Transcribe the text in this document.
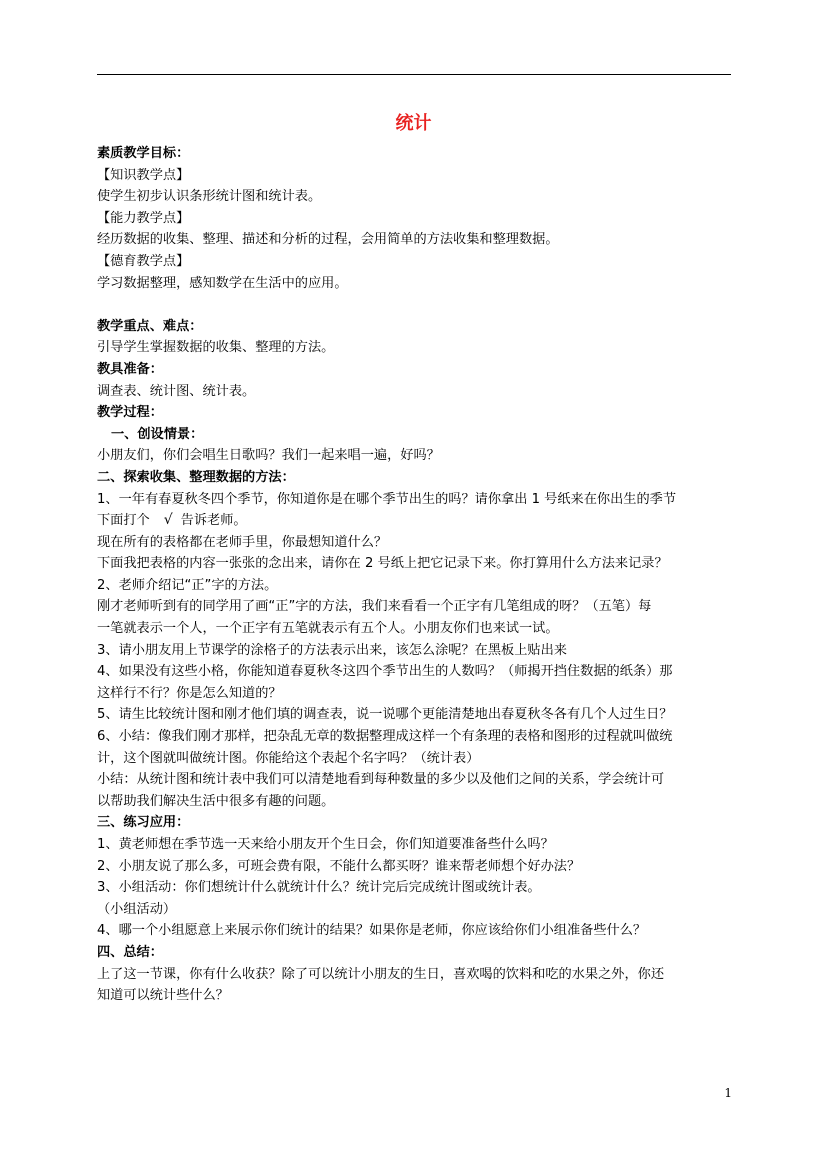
统计
素质教学目标：
【知识教学点】
使学生初步认识条形统计图和统计表。
【能力教学点】
经历数据的收集、整理、描述和分析的过程，会用简单的方法收集和整理数据。
【德育教学点】
学习数据整理，感知数学在生活中的应用。
教学重点、难点：
引导学生掌握数据的收集、整理的方法。
教具准备：
调查表、统计图、统计表。
教学过程：
一、创设情景：
小朋友们，你们会唱生日歌吗？我们一起来唱一遍，好吗？
二、探索收集、整理数据的方法：
1、一年有春夏秋冬四个季节，你知道你是在哪个季节出生的吗？请你拿出 1 号纸来在你出生的季节
下面打个 √ 告诉老师。
现在所有的表格都在老师手里，你最想知道什么？
下面我把表格的内容一张张的念出来，请你在 2 号纸上把它记录下来。你打算用什么方法来记录？
2、老师介绍记“正”字的方法。
刚才老师听到有的同学用了画“正”字的方法，我们来看看一个正字有几笔组成的呀？（五笔）每
一笔就表示一个人，一个正字有五笔就表示有五个人。小朋友你们也来试一试。
3、请小朋友用上节课学的涂格子的方法表示出来，该怎么涂呢？在黑板上贴出来
4、如果没有这些小格，你能知道春夏秋冬这四个季节出生的人数吗？（师揭开挡住数据的纸条）那
这样行不行？你是怎么知道的？
5、请生比较统计图和刚才他们填的调查表，说一说哪个更能清楚地出春夏秋冬各有几个人过生日？
6、小结：像我们刚才那样，把杂乱无章的数据整理成这样一个有条理的表格和图形的过程就叫做统
计，这个图就叫做统计图。你能给这个表起个名字吗？（统计表）
小结：从统计图和统计表中我们可以清楚地看到每种数量的多少以及他们之间的关系，学会统计可
以帮助我们解决生活中很多有趣的问题。
三、练习应用：
1、黄老师想在季节选一天来给小朋友开个生日会，你们知道要准备些什么吗？
2、小朋友说了那么多，可班会费有限，不能什么都买呀？谁来帮老师想个好办法？
3、小组活动：你们想统计什么就统计什么？统计完后完成统计图或统计表。
（小组活动）
4、哪一个小组愿意上来展示你们统计的结果？如果你是老师，你应该给你们小组准备些什么？
四、总结：
上了这一节课，你有什么收获？除了可以统计小朋友的生日，喜欢喝的饮料和吃的水果之外，你还
知道可以统计些什么？
1
